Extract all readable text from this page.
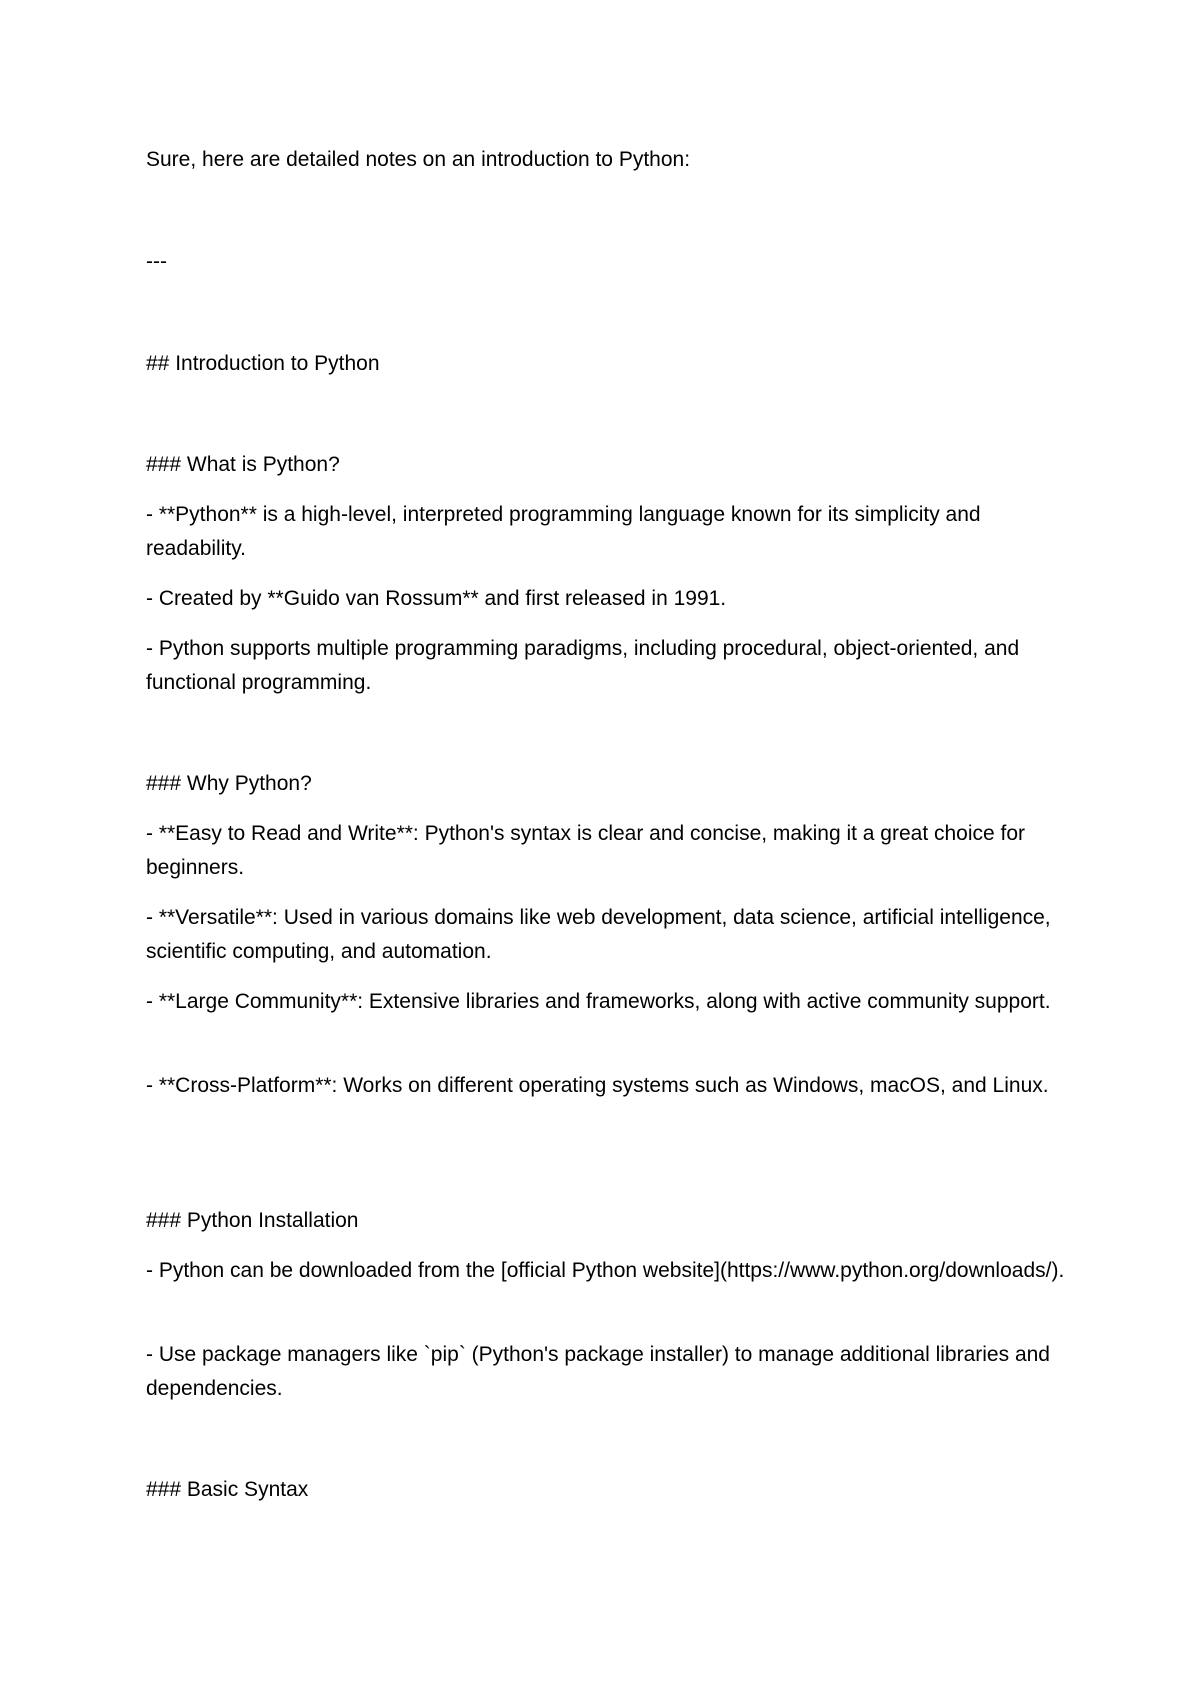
Sure, here are detailed notes on an introduction to Python:
---
## Introduction to Python
### What is Python?
- **Python** is a high-level, interpreted programming language known for its simplicity and readability.
- Created by **Guido van Rossum** and first released in 1991.
- Python supports multiple programming paradigms, including procedural, object-oriented, and functional programming.
### Why Python?
- **Easy to Read and Write**: Python's syntax is clear and concise, making it a great choice for beginners.
- **Versatile**: Used in various domains like web development, data science, artificial intelligence, scientific computing, and automation.
- **Large Community**: Extensive libraries and frameworks, along with active community support.
- **Cross-Platform**: Works on different operating systems such as Windows, macOS, and Linux.
### Python Installation
- Python can be downloaded from the [official Python website](https://www.python.org/downloads/).
- Use package managers like `pip` (Python's package installer) to manage additional libraries and dependencies.
### Basic Syntax
